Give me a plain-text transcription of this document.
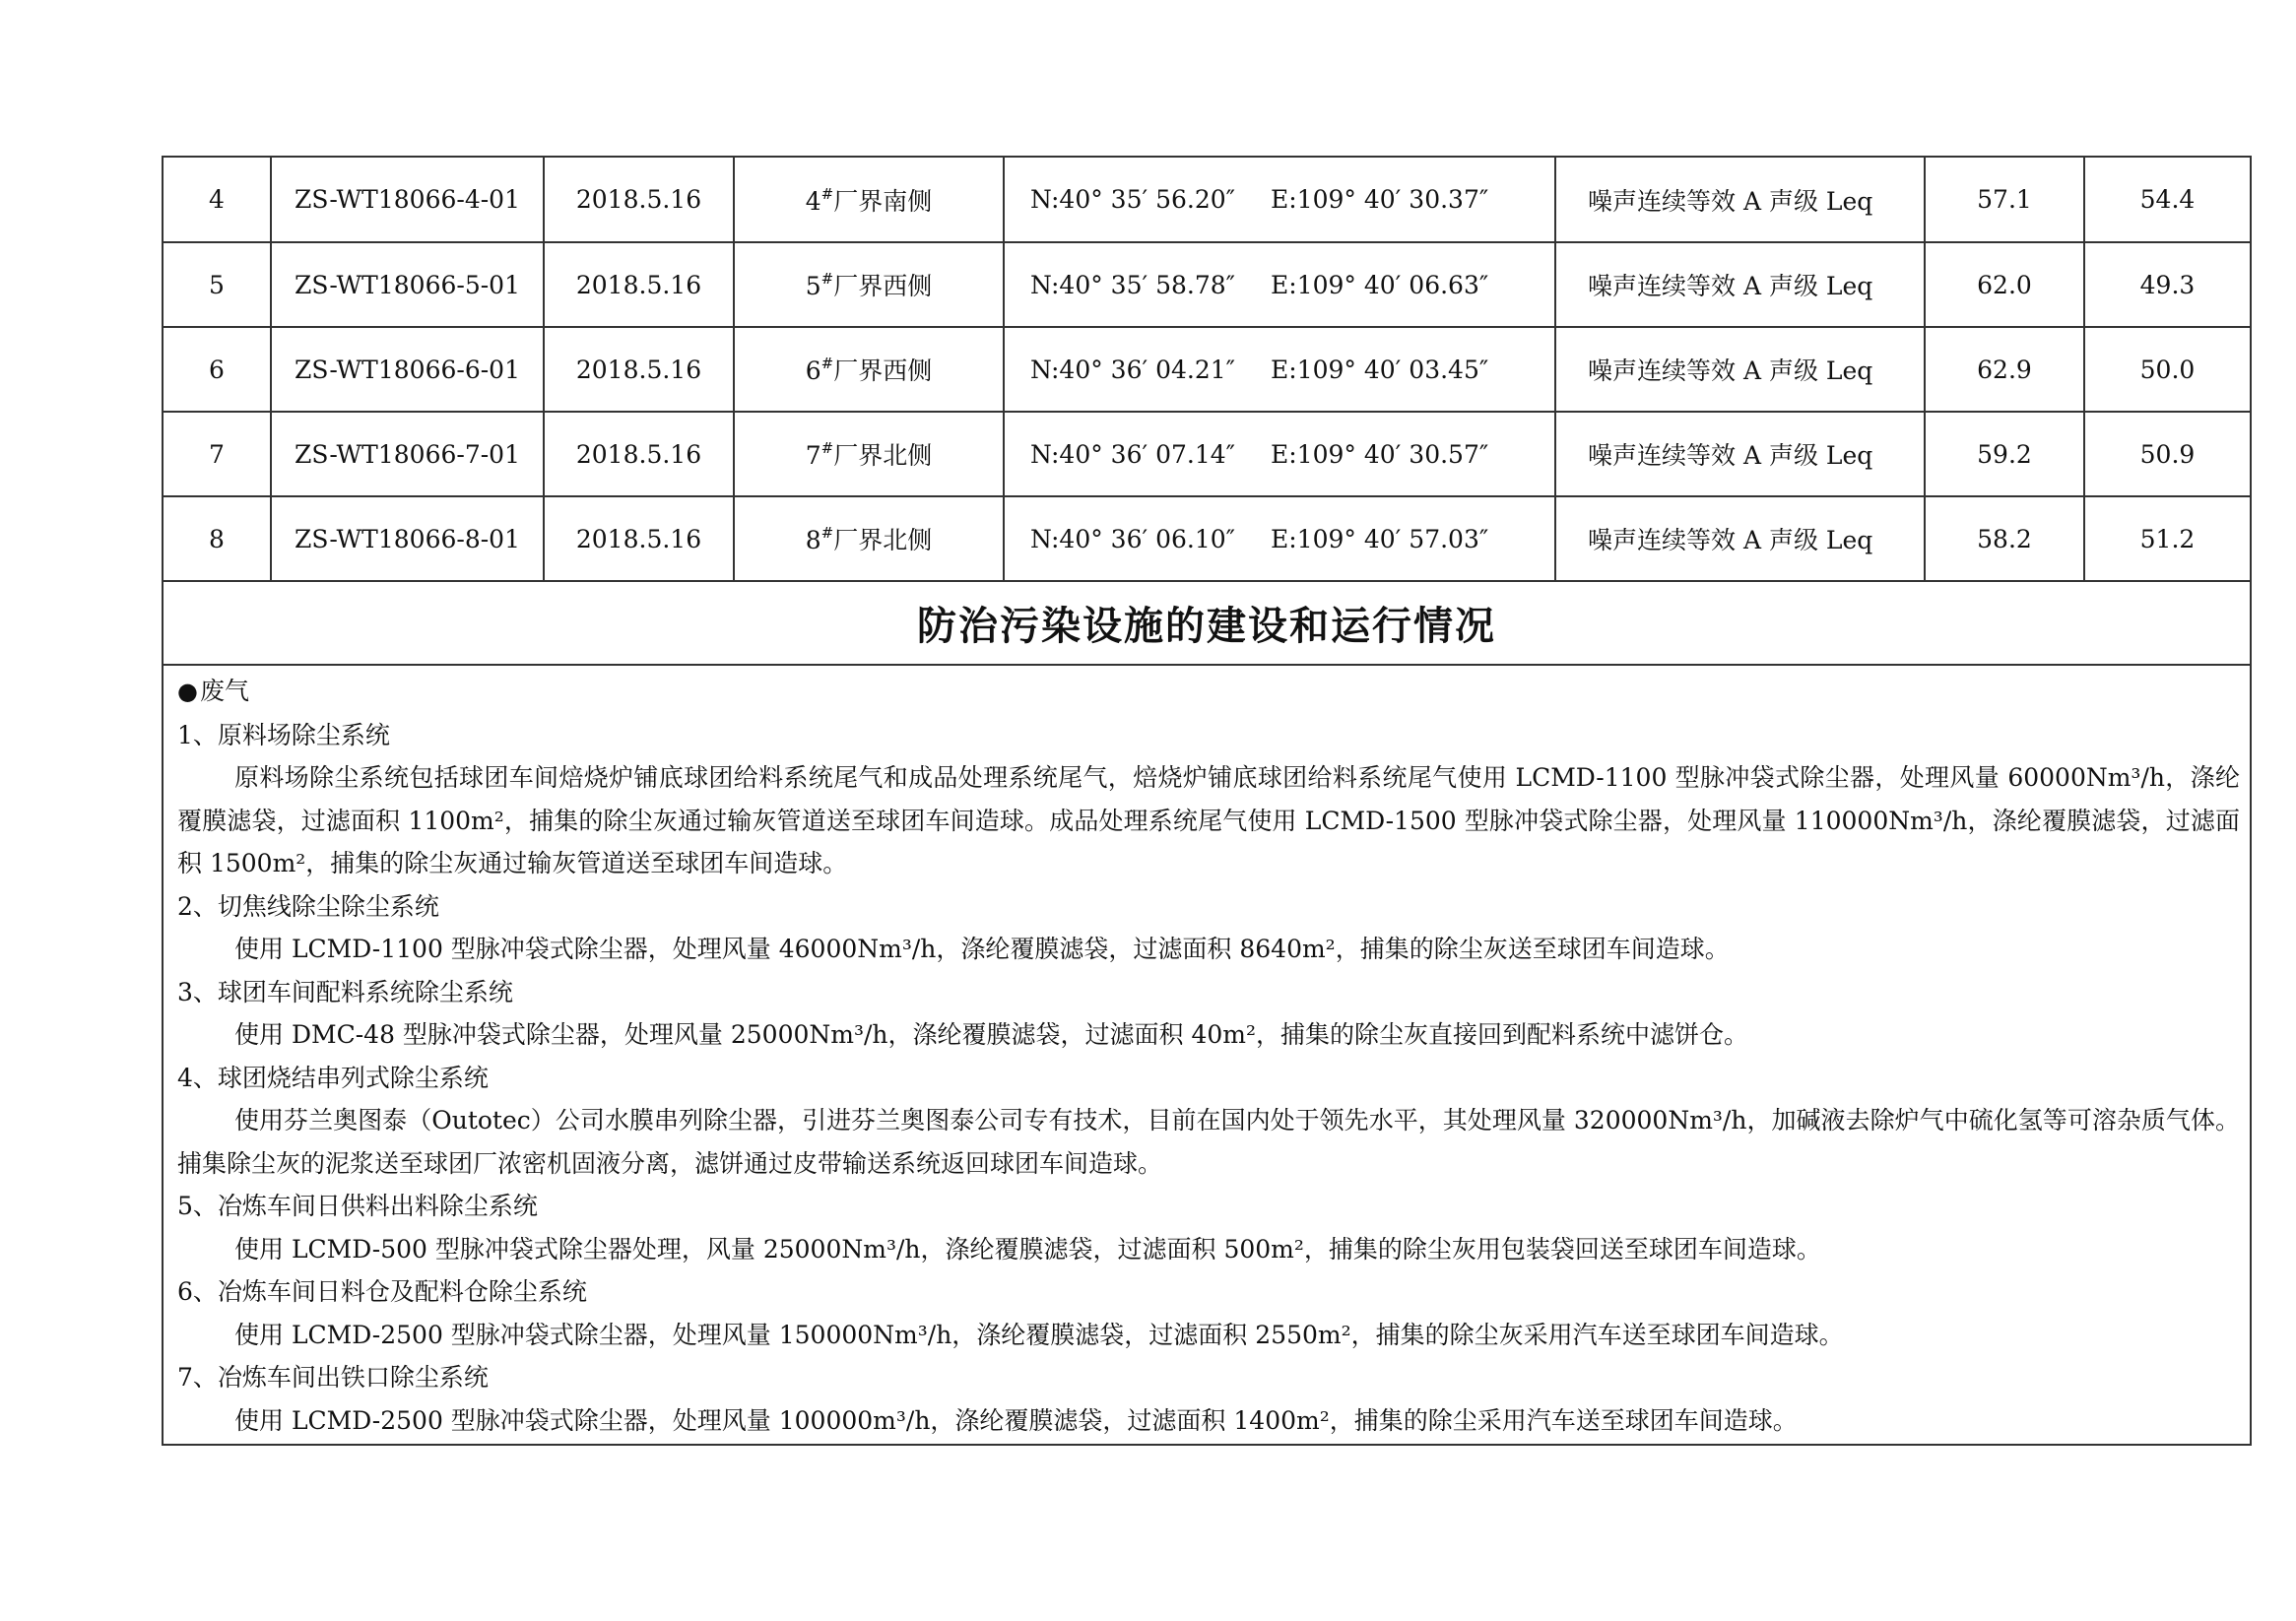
4	ZS-WT18066-4-01	2018.5.16	4#厂界南侧	N:40° 35′ 56.20″ E:109° 40′ 30.37″	噪声连续等效 A 声级 Leq	57.1	54.4
5	ZS-WT18066-5-01	2018.5.16	5#厂界西侧	N:40° 35′ 58.78″ E:109° 40′ 06.63″	噪声连续等效 A 声级 Leq	62.0	49.3
6	ZS-WT18066-6-01	2018.5.16	6#厂界西侧	N:40° 36′ 04.21″ E:109° 40′ 03.45″	噪声连续等效 A 声级 Leq	62.9	50.0
7	ZS-WT18066-7-01	2018.5.16	7#厂界北侧	N:40° 36′ 07.14″ E:109° 40′ 30.57″	噪声连续等效 A 声级 Leq	59.2	50.9
8	ZS-WT18066-8-01	2018.5.16	8#厂界北侧	N:40° 36′ 06.10″ E:109° 40′ 57.03″	噪声连续等效 A 声级 Leq	58.2	51.2
防治污染设施的建设和运行情况
●废气
1、原料场除尘系统
原料场除尘系统包括球团车间焙烧炉铺底球团给料系统尾气和成品处理系统尾气，焙烧炉铺底球团给料系统尾气使用 LCMD-1100 型脉冲袋式除尘器，处理风量 60000Nm³/h，涤纶覆膜滤袋，过滤面积 1100m²，捕集的除尘灰通过输灰管道送至球团车间造球。成品处理系统尾气使用 LCMD-1500 型脉冲袋式除尘器，处理风量 110000Nm³/h，涤纶覆膜滤袋，过滤面积 1500m²，捕集的除尘灰通过输灰管道送至球团车间造球。
2、切焦线除尘除尘系统
使用 LCMD-1100 型脉冲袋式除尘器，处理风量 46000Nm³/h，涤纶覆膜滤袋，过滤面积 8640m²，捕集的除尘灰送至球团车间造球。
3、球团车间配料系统除尘系统
使用 DMC-48 型脉冲袋式除尘器，处理风量 25000Nm³/h，涤纶覆膜滤袋，过滤面积 40m²，捕集的除尘灰直接回到配料系统中滤饼仓。
4、球团烧结串列式除尘系统
使用芬兰奥图泰（Outotec）公司水膜串列除尘器，引进芬兰奥图泰公司专有技术，目前在国内处于领先水平，其处理风量 320000Nm³/h，加碱液去除炉气中硫化氢等可溶杂质气体。捕集除尘灰的泥浆送至球团厂浓密机固液分离，滤饼通过皮带输送系统返回球团车间造球。
5、冶炼车间日供料出料除尘系统
使用 LCMD-500 型脉冲袋式除尘器处理，风量 25000Nm³/h，涤纶覆膜滤袋，过滤面积 500m²，捕集的除尘灰用包装袋回送至球团车间造球。
6、冶炼车间日料仓及配料仓除尘系统
使用 LCMD-2500 型脉冲袋式除尘器，处理风量 150000Nm³/h，涤纶覆膜滤袋，过滤面积 2550m²，捕集的除尘灰采用汽车送至球团车间造球。
7、冶炼车间出铁口除尘系统
使用 LCMD-2500 型脉冲袋式除尘器，处理风量 100000m³/h，涤纶覆膜滤袋，过滤面积 1400m²，捕集的除尘采用汽车送至球团车间造球。
